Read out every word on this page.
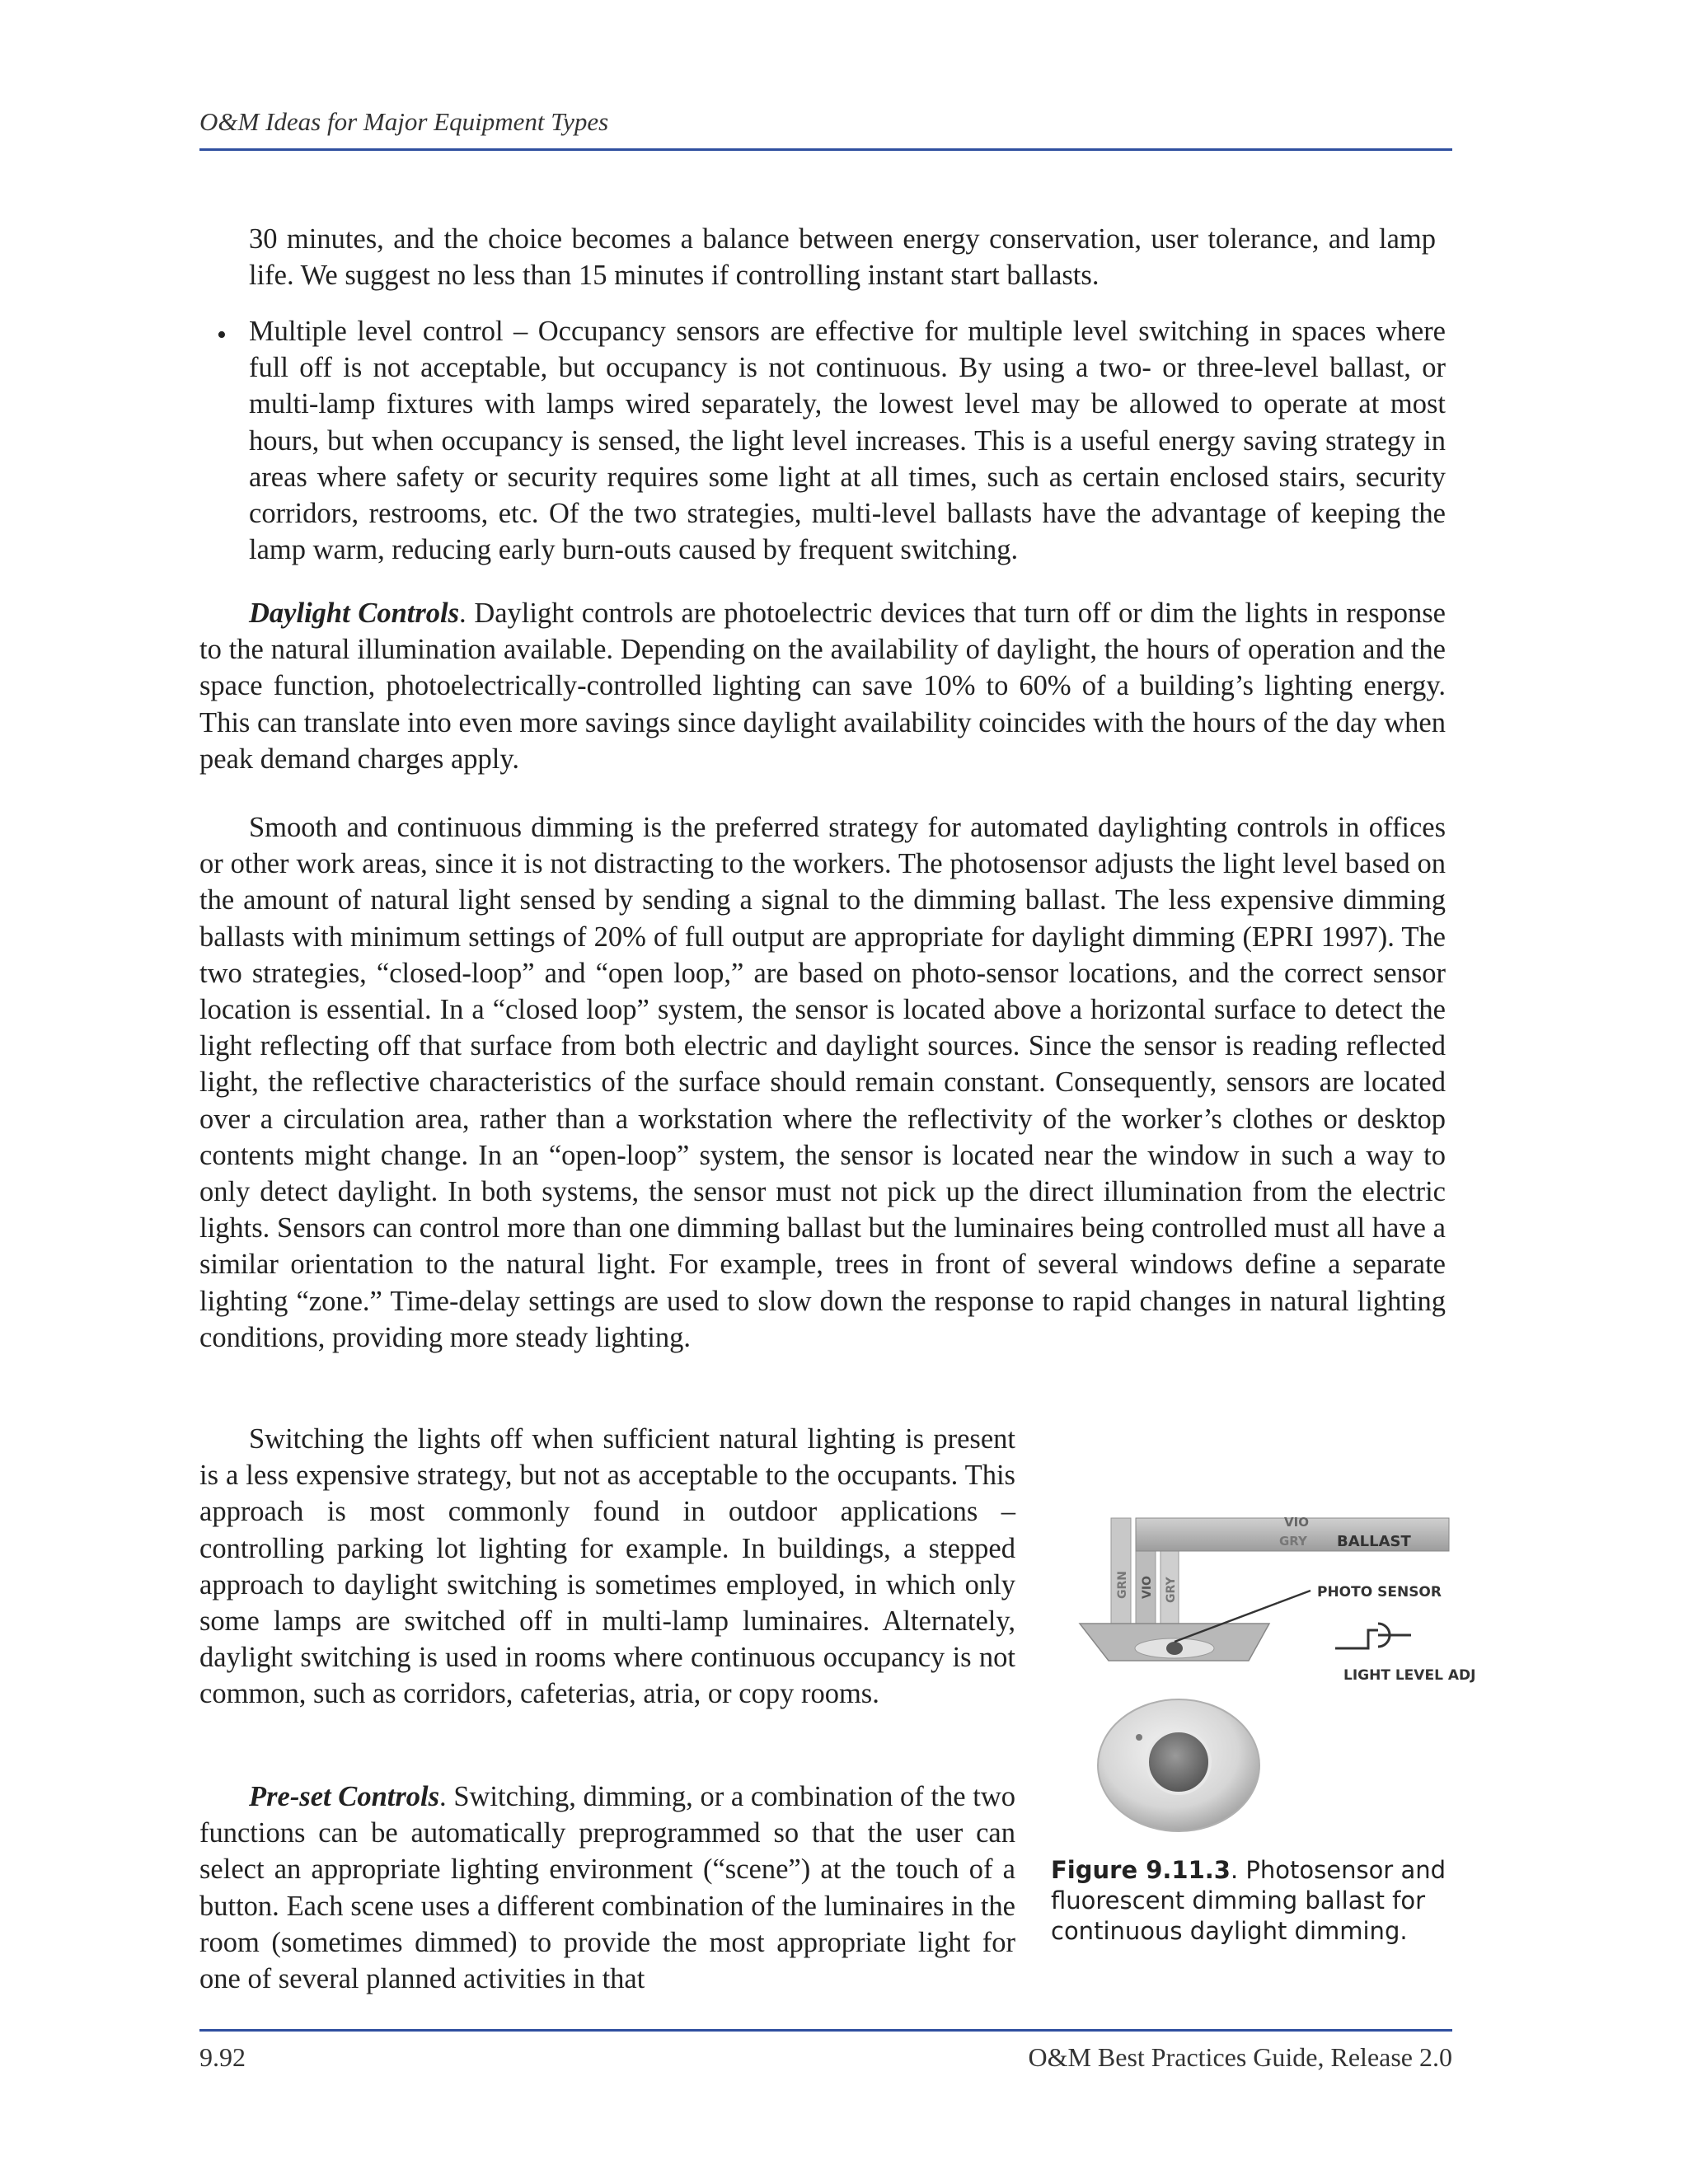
O&M Ideas for Major Equipment Types

30 minutes, and the choice becomes a balance between energy conservation, user tolerance, and lamp life. We suggest no less than 15 minutes if controlling instant start ballasts.

• Multiple level control – Occupancy sensors are effective for multiple level switching in spaces where full off is not acceptable, but occupancy is not continuous. By using a two- or three-level ballast, or multi-lamp fixtures with lamps wired separately, the lowest level may be allowed to operate at most hours, but when occupancy is sensed, the light level increases. This is a useful energy saving strategy in areas where safety or security requires some light at all times, such as certain enclosed stairs, security corridors, restrooms, etc. Of the two strategies, multi-level ballasts have the advantage of keeping the lamp warm, reducing early burn-outs caused by frequent switching.

Daylight Controls. Daylight controls are photoelectric devices that turn off or dim the lights in response to the natural illumination available. Depending on the availability of daylight, the hours of operation and the space function, photoelectrically-controlled lighting can save 10% to 60% of a building’s lighting energy. This can translate into even more savings since daylight availability coincides with the hours of the day when peak demand charges apply.

Smooth and continuous dimming is the preferred strategy for automated daylighting controls in offices or other work areas, since it is not distracting to the workers. The photosensor adjusts the light level based on the amount of natural light sensed by sending a signal to the dimming ballast. The less expensive dimming ballasts with minimum settings of 20% of full output are appropriate for daylight dimming (EPRI 1997). The two strategies, “closed-loop” and “open loop,” are based on photo-sensor locations, and the correct sensor location is essential. In a “closed loop” system, the sensor is located above a horizontal surface to detect the light reflecting off that surface from both electric and daylight sources. Since the sensor is reading reflected light, the reflective characteristics of the surface should remain constant. Consequently, sensors are located over a circulation area, rather than a workstation where the reflectivity of the worker’s clothes or desktop contents might change. In an “open-loop” system, the sensor is located near the window in such a way to only detect daylight. In both systems, the sensor must not pick up the direct illumination from the electric lights. Sensors can control more than one dimming ballast but the luminaires being controlled must all have a similar orientation to the natural light. For example, trees in front of several windows define a separate lighting “zone.” Time-delay settings are used to slow down the response to rapid changes in natural lighting conditions, providing more steady lighting.

Switching the lights off when sufficient natural lighting is present is a less expensive strategy, but not as acceptable to the occupants. This approach is most commonly found in outdoor applications – controlling parking lot lighting for example. In buildings, a stepped approach to daylight switching is sometimes employed, in which only some lamps are switched off in multi-lamp luminaires. Alternately, daylight switching is used in rooms where continuous occupancy is not common, such as corridors, cafeterias, atria, or copy rooms.

Pre-set Controls. Switching, dimming, or a combination of the two functions can be automatically preprogrammed so that the user can select an appropriate lighting environment (“scene”) at the touch of a button. Each scene uses a different combination of the luminaires in the room (sometimes dimmed) to provide the most appropriate light for one of several planned activities in that

VIO
GRY BALLAST
GRN VIO GRY	PHOTO SENSOR
LIGHT LEVEL ADJ
Figure 9.11.3. Photosensor and fluorescent dimming ballast for continuous daylight dimming.
9.92	O&M Best Practices Guide, Release 2.0
